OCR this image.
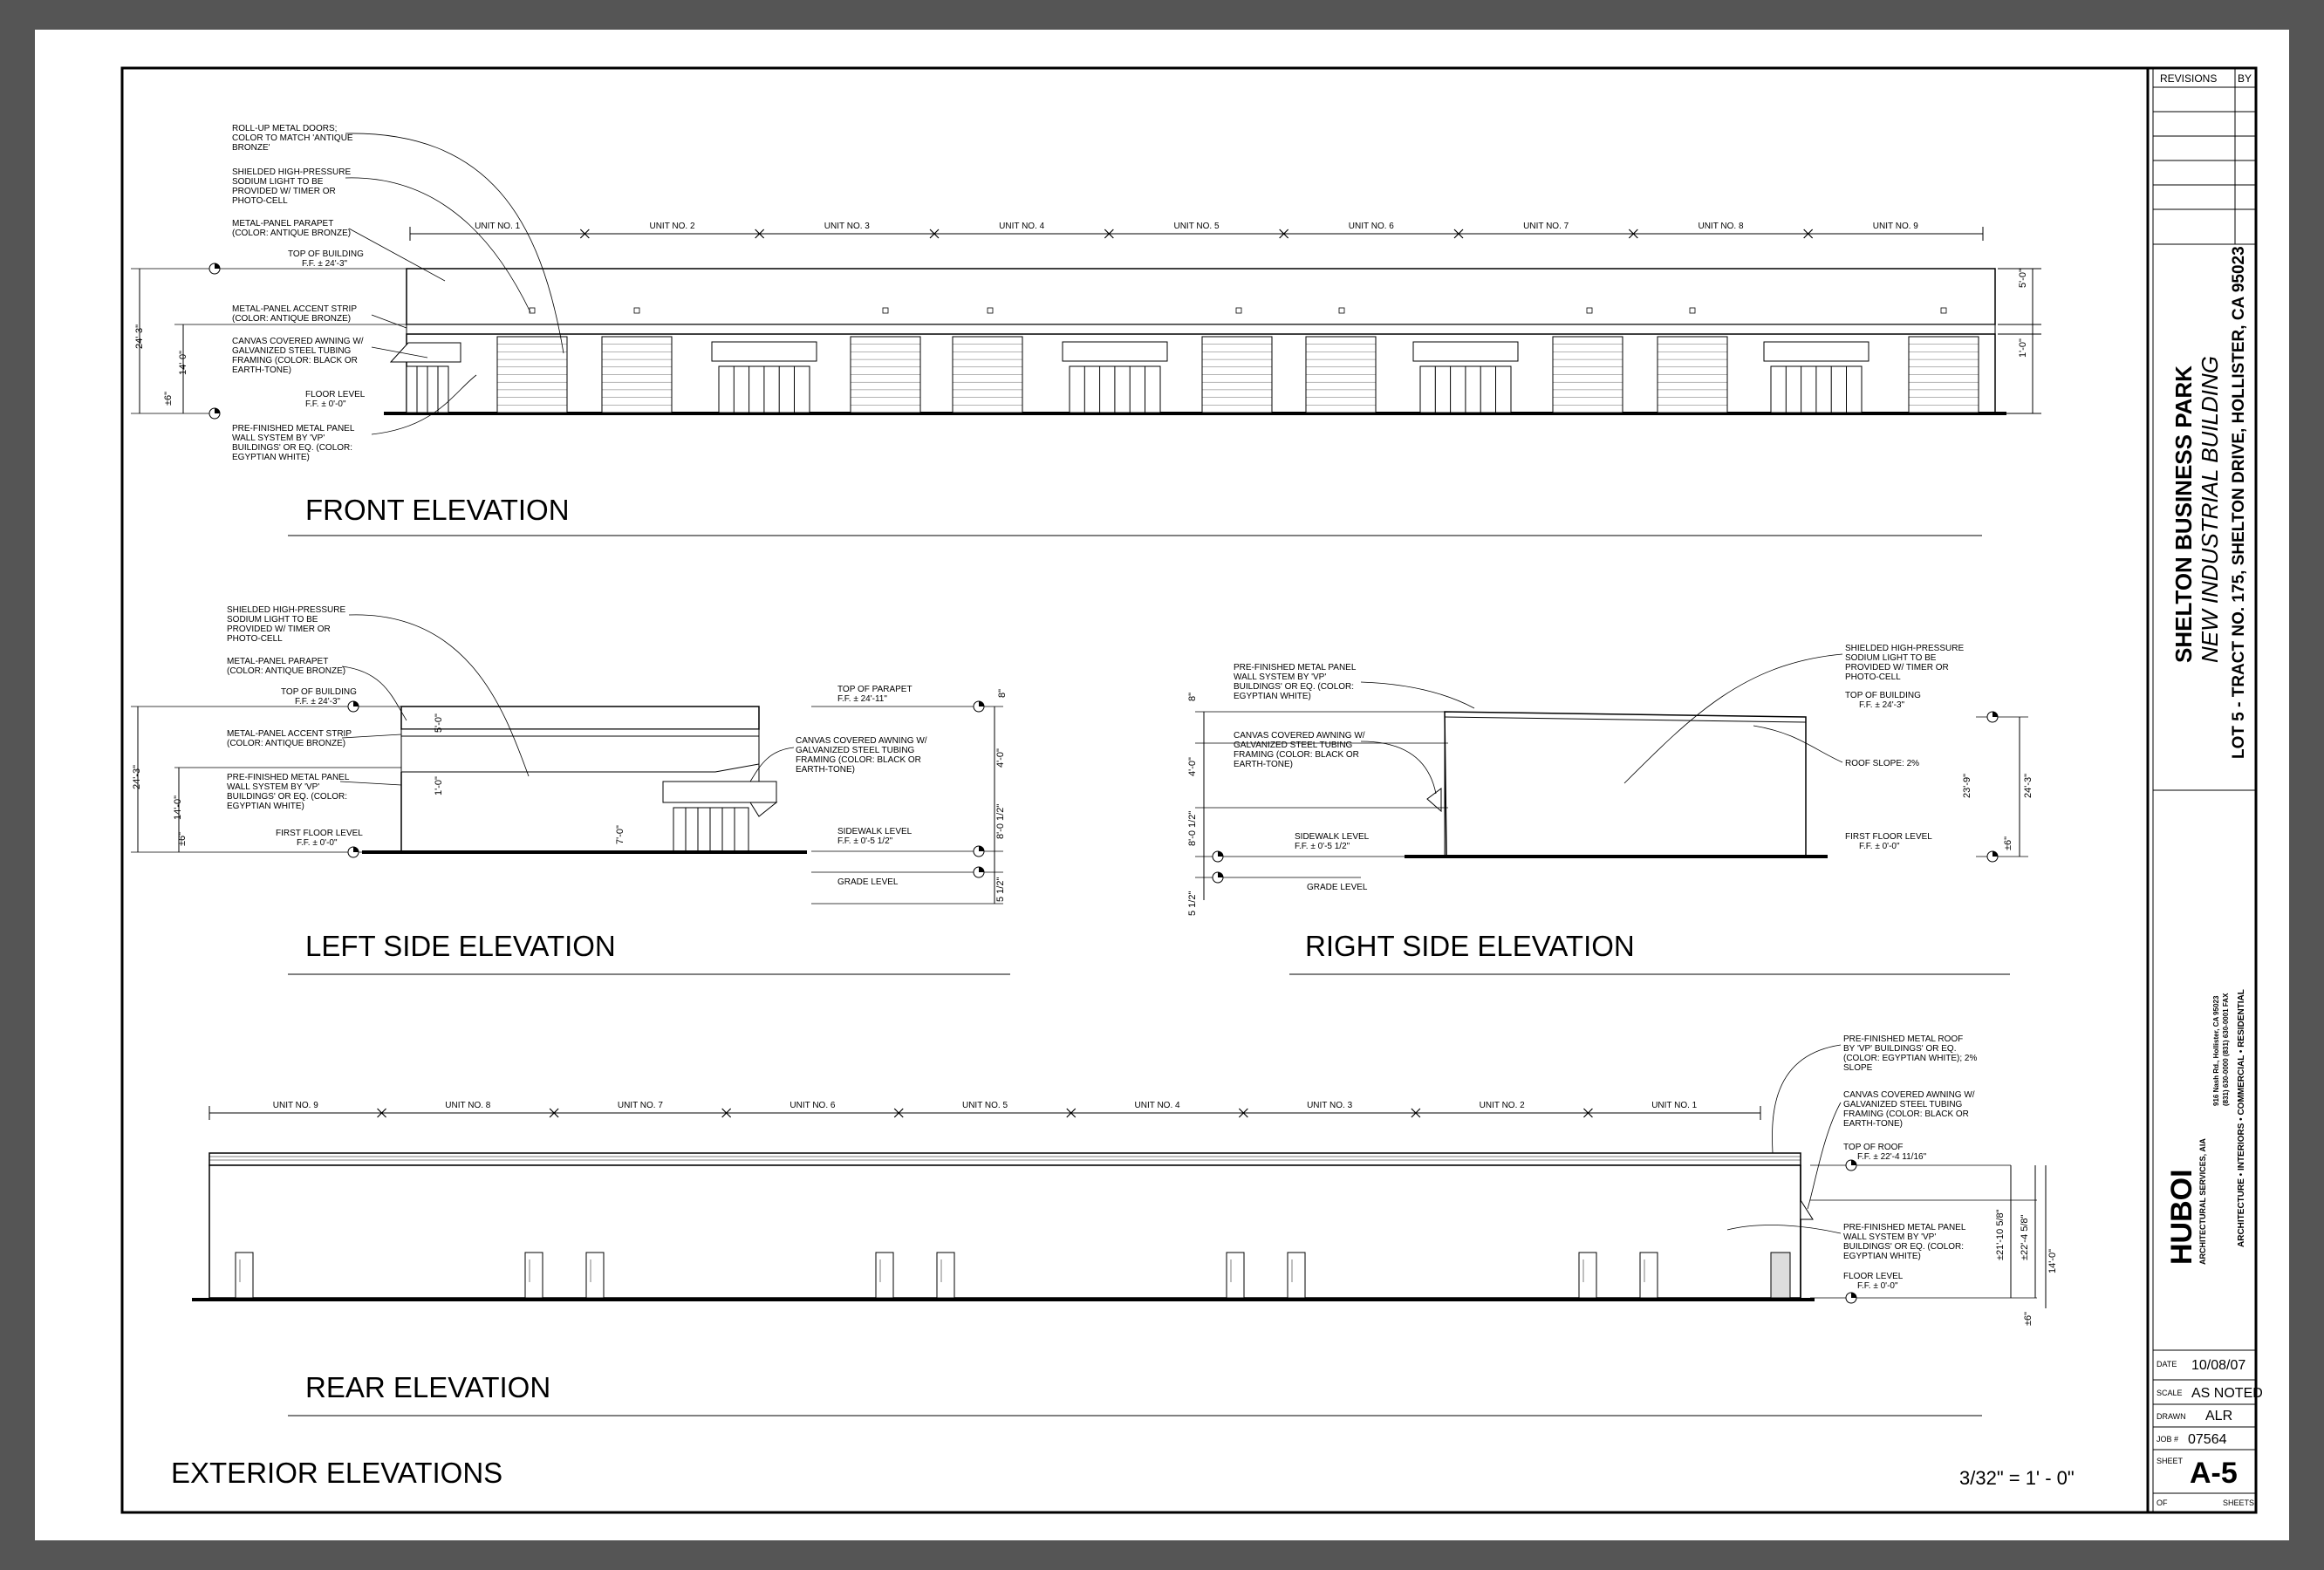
UNIT NO. 1	UNIT NO. 2	UNIT NO. 3	UNIT NO. 4	UNIT NO. 5	UNIT NO. 6	UNIT NO. 7	UNIT NO. 8	UNIT NO. 9
5'-0"
1'-0"
24'-3"
14'-0"
±6"
ROLL-UP METAL DOORS;
COLOR TO MATCH 'ANTIQUE
BRONZE'
SHIELDED HIGH-PRESSURE
SODIUM LIGHT TO BE
PROVIDED W/ TIMER OR
PHOTO-CELL
METAL-PANEL PARAPET
(COLOR: ANTIQUE BRONZE)
TOP OF BUILDING
F.F. ± 24'-3"
METAL-PANEL ACCENT STRIP
(COLOR: ANTIQUE BRONZE)
CANVAS COVERED AWNING W/
GALVANIZED STEEL TUBING
FRAMING (COLOR: BLACK OR
EARTH-TONE)
FLOOR LEVEL
F.F. ± 0'-0"
PRE-FINISHED METAL PANEL
WALL SYSTEM BY 'VP'
BUILDINGS' OR EQ. (COLOR:
EGYPTIAN WHITE)
FRONT ELEVATION
24'-3"
14'-0"
±6"
5'-0"
1'-0"
7'-0"
8"
4'-0"
8'-0 1/2"
5 1/2"
SHIELDED HIGH-PRESSURE
SODIUM LIGHT TO BE
PROVIDED W/ TIMER OR
PHOTO-CELL
METAL-PANEL PARAPET
(COLOR: ANTIQUE BRONZE)
TOP OF BUILDING
F.F. ± 24'-3"
METAL-PANEL ACCENT STRIP
(COLOR: ANTIQUE BRONZE)
PRE-FINISHED METAL PANEL
WALL SYSTEM BY 'VP'
BUILDINGS' OR EQ. (COLOR:
EGYPTIAN WHITE)
FIRST FLOOR LEVEL
F.F. ± 0'-0"
TOP OF PARAPET
F.F. ± 24'-11"
CANVAS COVERED AWNING W/
GALVANIZED STEEL TUBING
FRAMING (COLOR: BLACK OR
EARTH-TONE)
SIDEWALK LEVEL
F.F. ± 0'-5 1/2"
GRADE LEVEL
LEFT SIDE ELEVATION
8"
4'-0"
8'-0 1/2"
5 1/2"
23'-9"	24'-3"
±6"
PRE-FINISHED METAL PANEL
WALL SYSTEM BY 'VP'
BUILDINGS' OR EQ. (COLOR:
EGYPTIAN WHITE)
CANVAS COVERED AWNING W/
GALVANIZED STEEL TUBING
FRAMING (COLOR: BLACK OR
EARTH-TONE)
SIDEWALK LEVEL
F.F. ± 0'-5 1/2"
GRADE LEVEL
SHIELDED HIGH-PRESSURE
SODIUM LIGHT TO BE
PROVIDED W/ TIMER OR
PHOTO-CELL
TOP OF BUILDING
F.F. ± 24'-3"
ROOF SLOPE: 2%
FIRST FLOOR LEVEL
F.F. ± 0'-0"
RIGHT SIDE ELEVATION
UNIT NO. 9	UNIT NO. 8	UNIT NO. 7	UNIT NO. 6	UNIT NO. 5	UNIT NO. 4	UNIT NO. 3	UNIT NO. 2	UNIT NO. 1
±21'-10 5/8" ±22'-4 5/8"
14'-0"
±6"
PRE-FINISHED METAL ROOF
BY 'VP' BUILDINGS' OR EQ.
(COLOR: EGYPTIAN WHITE); 2%
SLOPE
CANVAS COVERED AWNING W/
GALVANIZED STEEL TUBING
FRAMING (COLOR: BLACK OR
EARTH-TONE)
TOP OF ROOF
F.F. ± 22'-4 11/16"
PRE-FINISHED METAL PANEL
WALL SYSTEM BY 'VP'
BUILDINGS' OR EQ. (COLOR:
EGYPTIAN WHITE)
FLOOR LEVEL
F.F. ± 0'-0"
REAR ELEVATION
EXTERIOR ELEVATIONS	3/32" = 1' - 0"
REVISIONS BY
SHELTON BUSINESS PARK NEW INDUSTRIAL BUILDING LOT 5 - TRACT NO. 175, SHELTON DRIVE, HOLLISTER, CA 95023
HUBOI ARCHITECTURAL SERVICES, AIA
916 Nash Rd., Hollister, CA 95023 (831) 630-0000 (831) 630-0001 FAX ARCHITECTURE • INTERIORS • COMMERCIAL • RESIDENTIAL
DATE 10/08/07
SCALE AS NOTED
DRAWN ALR
JOB # 07564
SHEET A-5
OF	SHEETS
